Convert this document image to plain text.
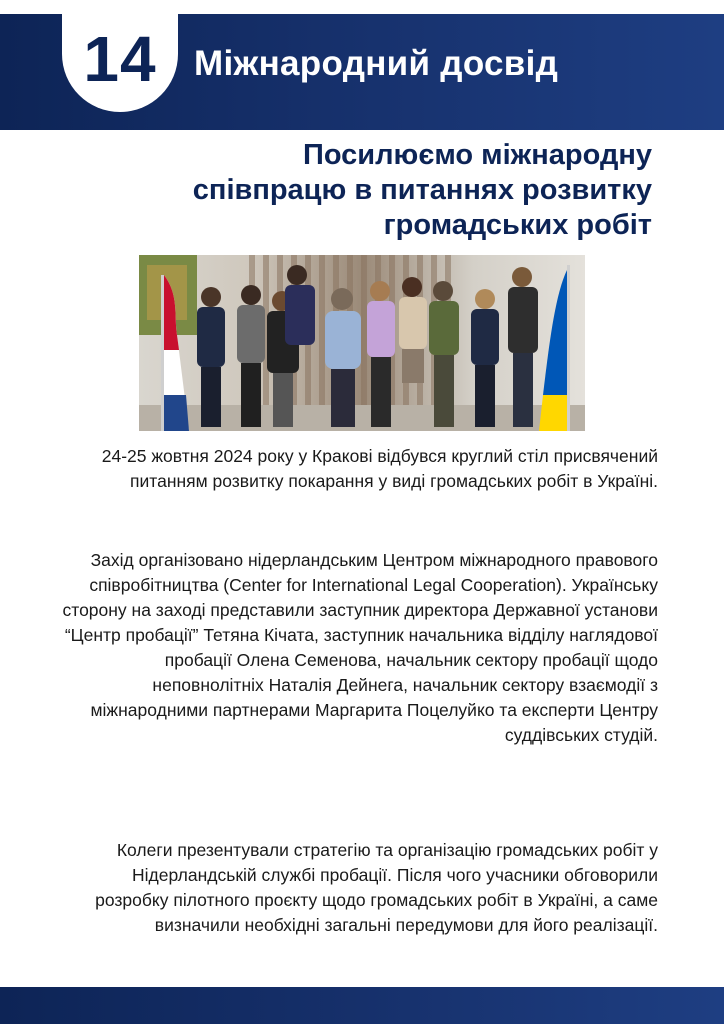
14 Міжнародний досвід
Посилюємо міжнародну
співпрацю в питаннях розвитку
громадських робіт
24-25 жовтня 2024 року у Кракові відбувся круглий стіл присвячений питанням розвитку покарання у виді громадських робіт в Україні.
Захід організовано нідерландським Центром міжнародного правового співробітництва (Center for International Legal Cooperation). Українську сторону на заході представили заступник директора Державної установи “Центр пробації” Тетяна Кічата, заступник начальника відділу наглядової пробації Олена Семенова, начальник сектору пробації щодо неповнолітніх Наталія Дейнега, начальник сектору взаємодії з міжнародними партнерами Маргарита Поцелуйко та експерти Центру суддівських студій.
Колеги презентували стратегію та організацію громадських робіт у Нідерландській службі пробації. Після чого учасники обговорили розробку пілотного проєкту щодо громадських робіт в Україні, а саме визначили необхідні загальні передумови для його реалізації.
